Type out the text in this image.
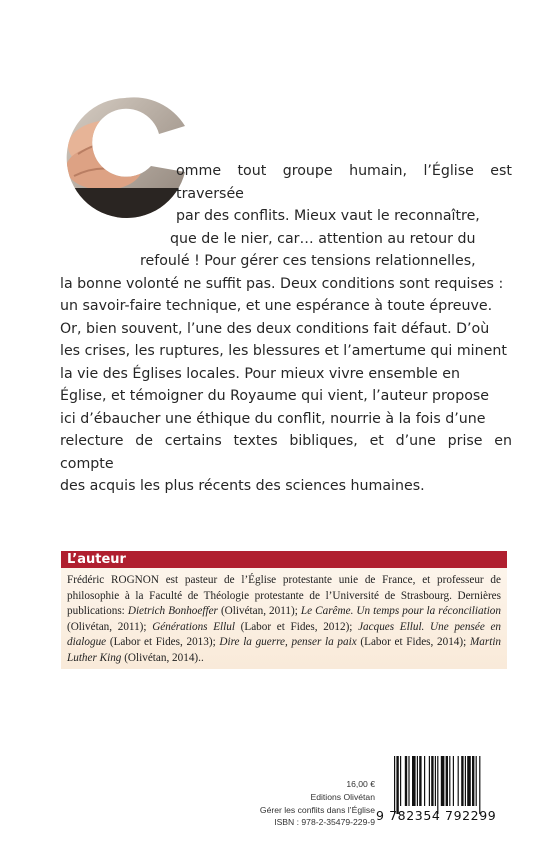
omme tout groupe humain, l’Église est traversée

par des conflits. Mieux vaut le reconnaître,

que de le nier, car… attention au retour du

refoulé ! Pour gérer ces tensions relationnelles,

la bonne volonté ne suffit pas. Deux conditions sont requises :

un savoir-faire technique, et une espérance à toute épreuve.

Or, bien souvent, l’une des deux conditions fait défaut. D’où

les crises, les ruptures, les blessures et l’amertume qui minent

la vie des Églises locales. Pour mieux vivre ensemble en

Église, et témoigner du Royaume qui vient, l’auteur propose

ici d’ébaucher une éthique du conflit, nourrie à la fois d’une

relecture de certains textes bibliques, et d’une prise en compte

des acquis les plus récents des sciences humaines.

L’auteur
Frédéric ROGNON est pasteur de l’Église protestante unie de France, et professeur de philosophie à la Faculté de Théologie protestante de l’Université de Strasbourg. Dernières publications: Dietrich Bonhoeffer (Olivétan, 2011); Le Carême. Un temps pour la réconciliation (Olivétan, 2011); Générations Ellul (Labor et Fides, 2012); Jacques Ellul. Une pensée en dialogue (Labor et Fides, 2013); Dire la guerre, penser la paix (Labor et Fides, 2014); Martin Luther King (Olivétan, 2014)..
16,00 €
Editions Olivétan
Gérer les conflits dans l’Église
ISBN : 978-2-35479-229-9 9 782354 792299
